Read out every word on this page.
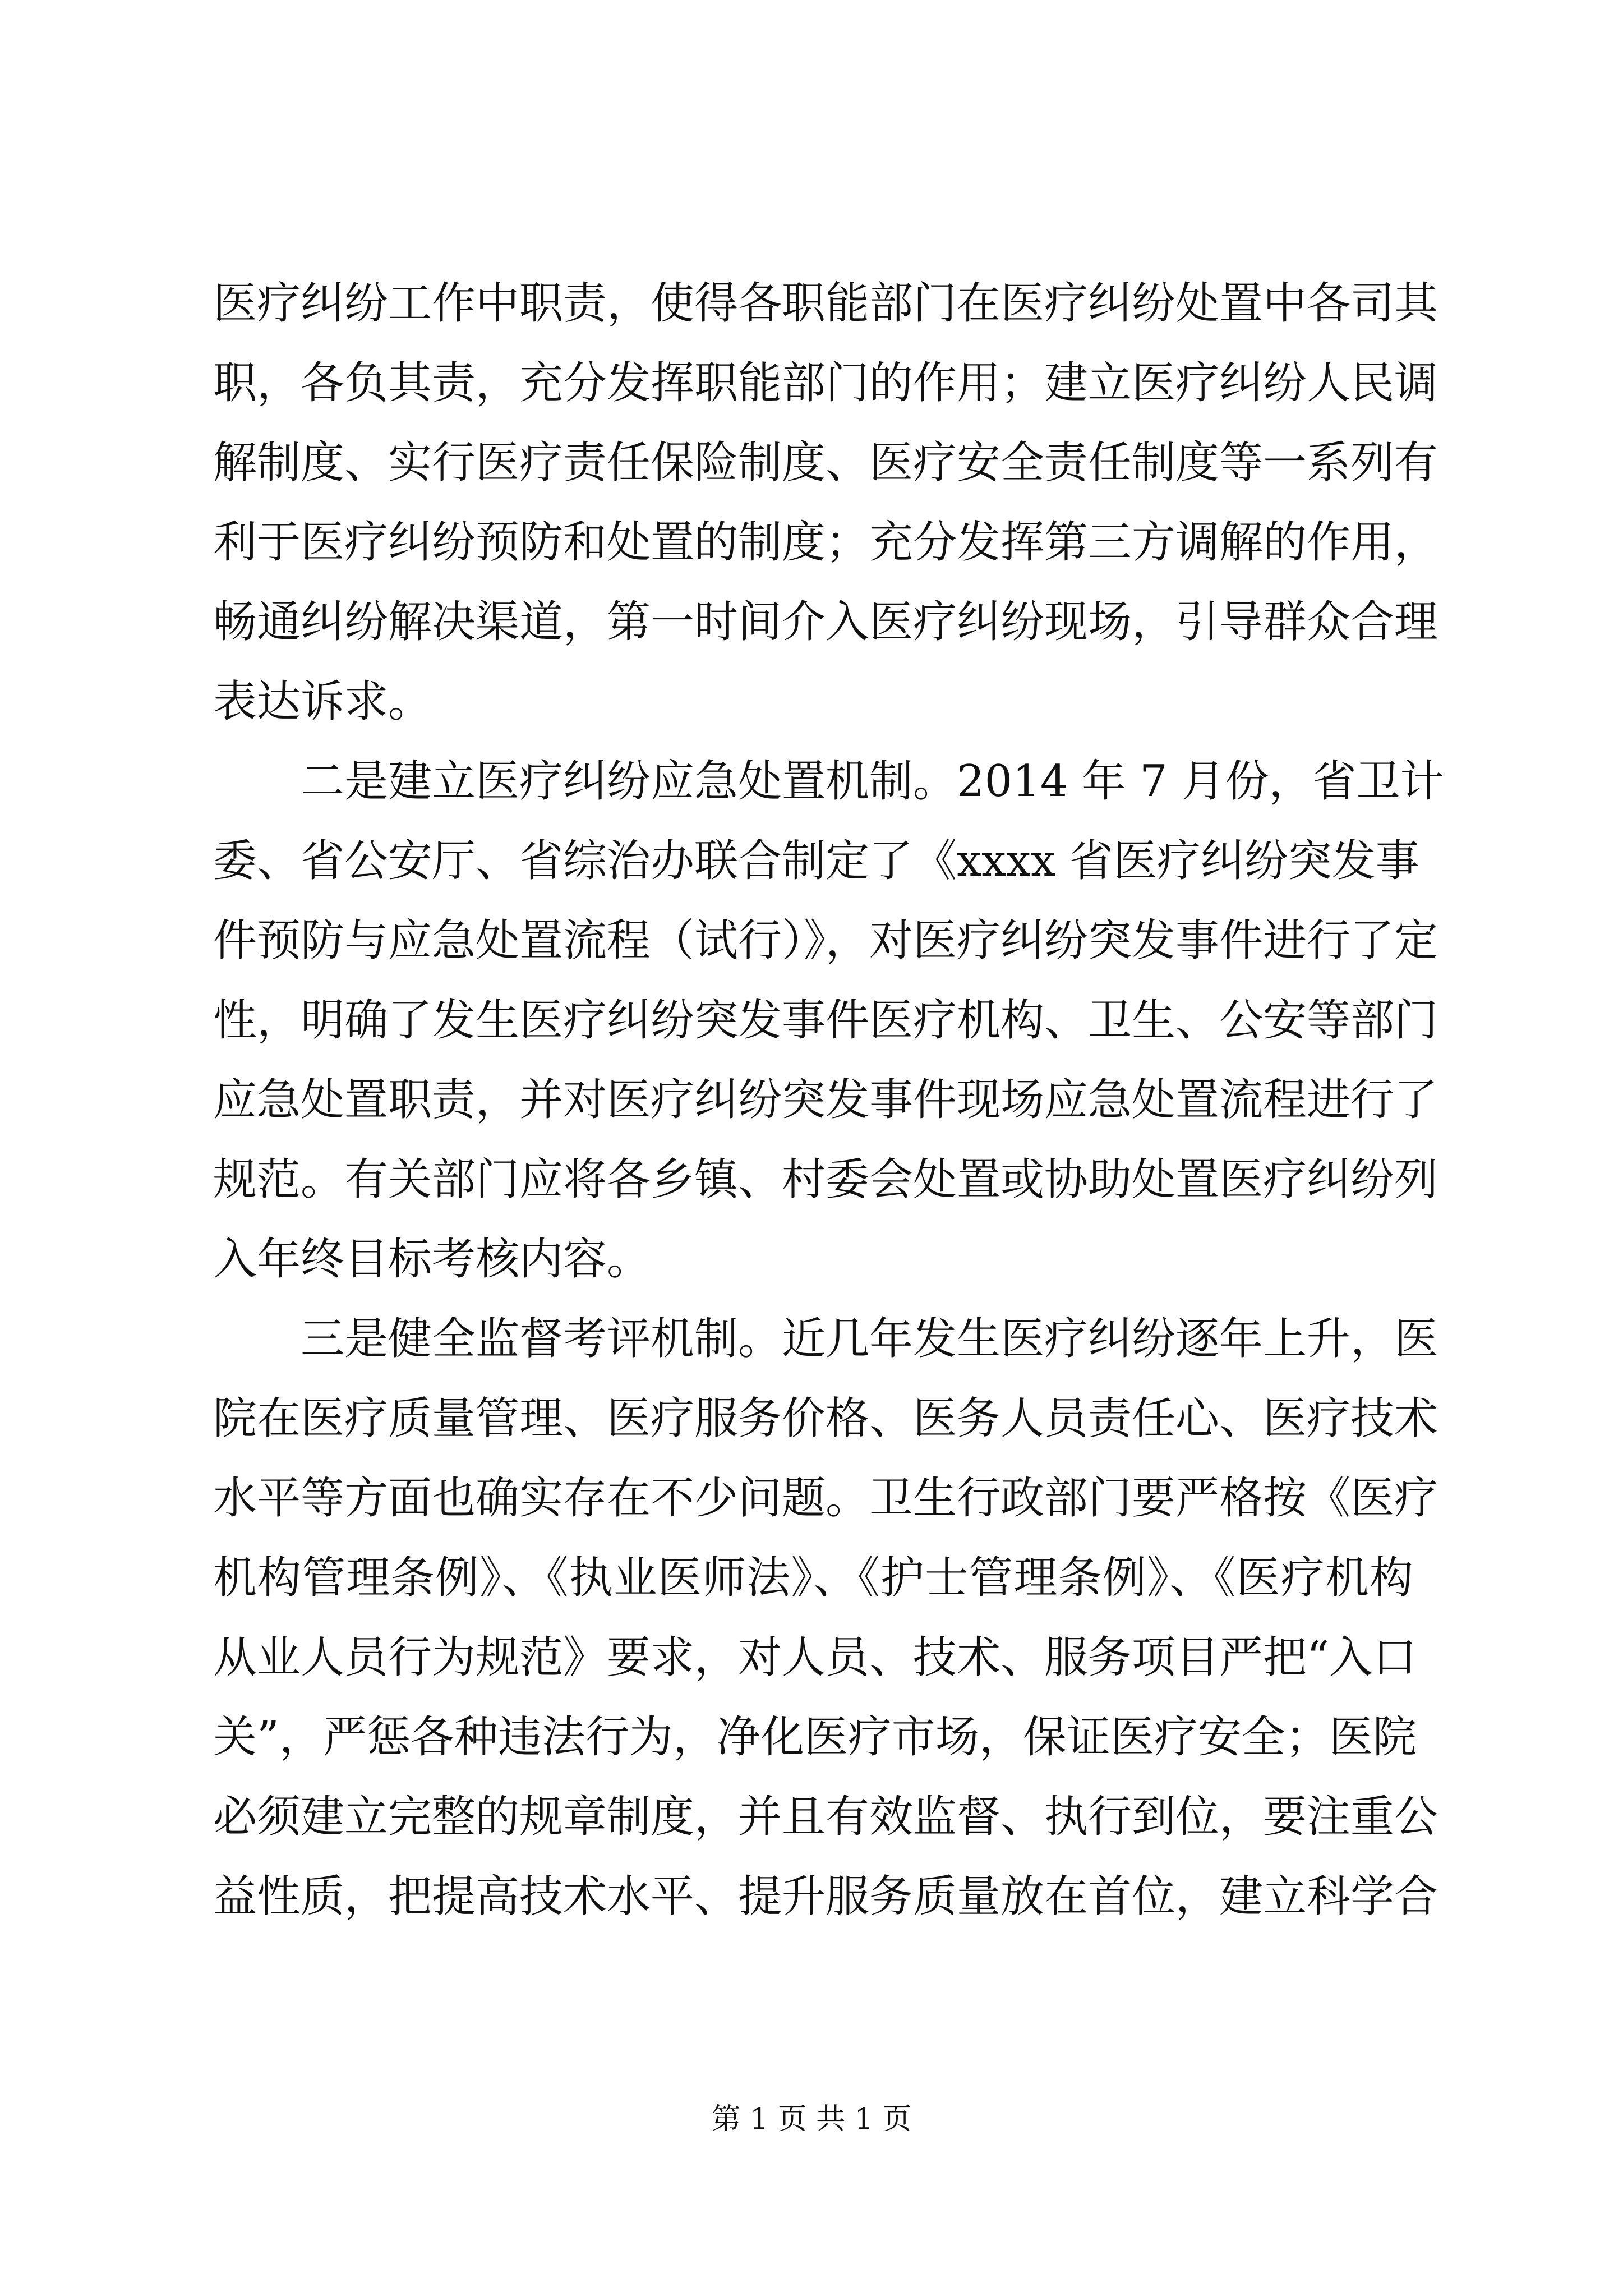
医疗纠纷工作中职责，使得各职能部门在医疗纠纷处置中各司其
职，各负其责，充分发挥职能部门的作用；建立医疗纠纷人民调
解制度、实行医疗责任保险制度、医疗安全责任制度等一系列有
利于医疗纠纷预防和处置的制度；充分发挥第三方调解的作用，
畅通纠纷解决渠道，第一时间介入医疗纠纷现场，引导群众合理
表达诉求。

二是建立医疗纠纷应急处置机制。2014 年 7 月份，省卫计
委、省公安厅、省综治办联合制定了《xxxx 省医疗纠纷突发事
件预防与应急处置流程（试行）》，对医疗纠纷突发事件进行了定
性，明确了发生医疗纠纷突发事件医疗机构、卫生、公安等部门
应急处置职责，并对医疗纠纷突发事件现场应急处置流程进行了
规范。有关部门应将各乡镇、村委会处置或协助处置医疗纠纷列
入年终目标考核内容。

三是健全监督考评机制。近几年发生医疗纠纷逐年上升，医
院在医疗质量管理、医疗服务价格、医务人员责任心、医疗技术
水平等方面也确实存在不少问题。卫生行政部门要严格按《医疗
机构管理条例》、《执业医师法》、《护士管理条例》、《医疗机构
从业人员行为规范》要求，对人员、技术、服务项目严把“入口
关”，严惩各种违法行为，净化医疗市场，保证医疗安全；医院
必须建立完整的规章制度，并且有效监督、执行到位，要注重公
益性质，把提高技术水平、提升服务质量放在首位，建立科学合

第 1 页 共 1 页
